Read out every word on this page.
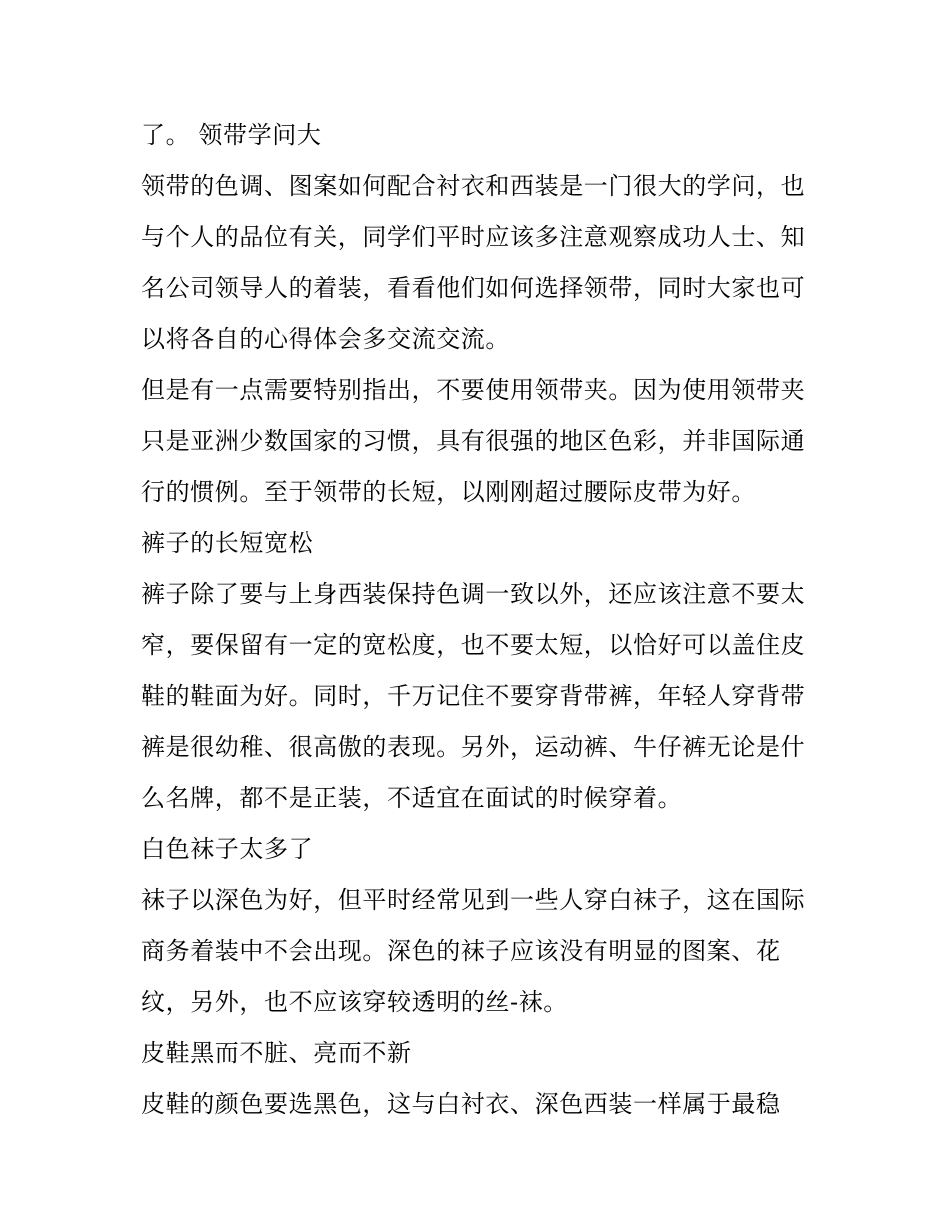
了。 领带学问大
领带的色调、图案如何配合衬衣和西装是一门很大的学问，也
与个人的品位有关，同学们平时应该多注意观察成功人士、知
名公司领导人的着装，看看他们如何选择领带，同时大家也可
以将各自的心得体会多交流交流。
但是有一点需要特别指出，不要使用领带夹。因为使用领带夹
只是亚洲少数国家的习惯，具有很强的地区色彩，并非国际通
行的惯例。至于领带的长短，以刚刚超过腰际皮带为好。
裤子的长短宽松
裤子除了要与上身西装保持色调一致以外，还应该注意不要太
窄，要保留有一定的宽松度，也不要太短，以恰好可以盖住皮
鞋的鞋面为好。同时，千万记住不要穿背带裤，年轻人穿背带
裤是很幼稚、很高傲的表现。另外，运动裤、牛仔裤无论是什
么名牌，都不是正装，不适宜在面试的时候穿着。
白色袜子太多了
袜子以深色为好，但平时经常见到一些人穿白袜子，这在国际
商务着装中不会出现。深色的袜子应该没有明显的图案、花
纹，另外，也不应该穿较透明的丝-袜。
皮鞋黑而不脏、亮而不新
皮鞋的颜色要选黑色，这与白衬衣、深色西装一样属于最稳
